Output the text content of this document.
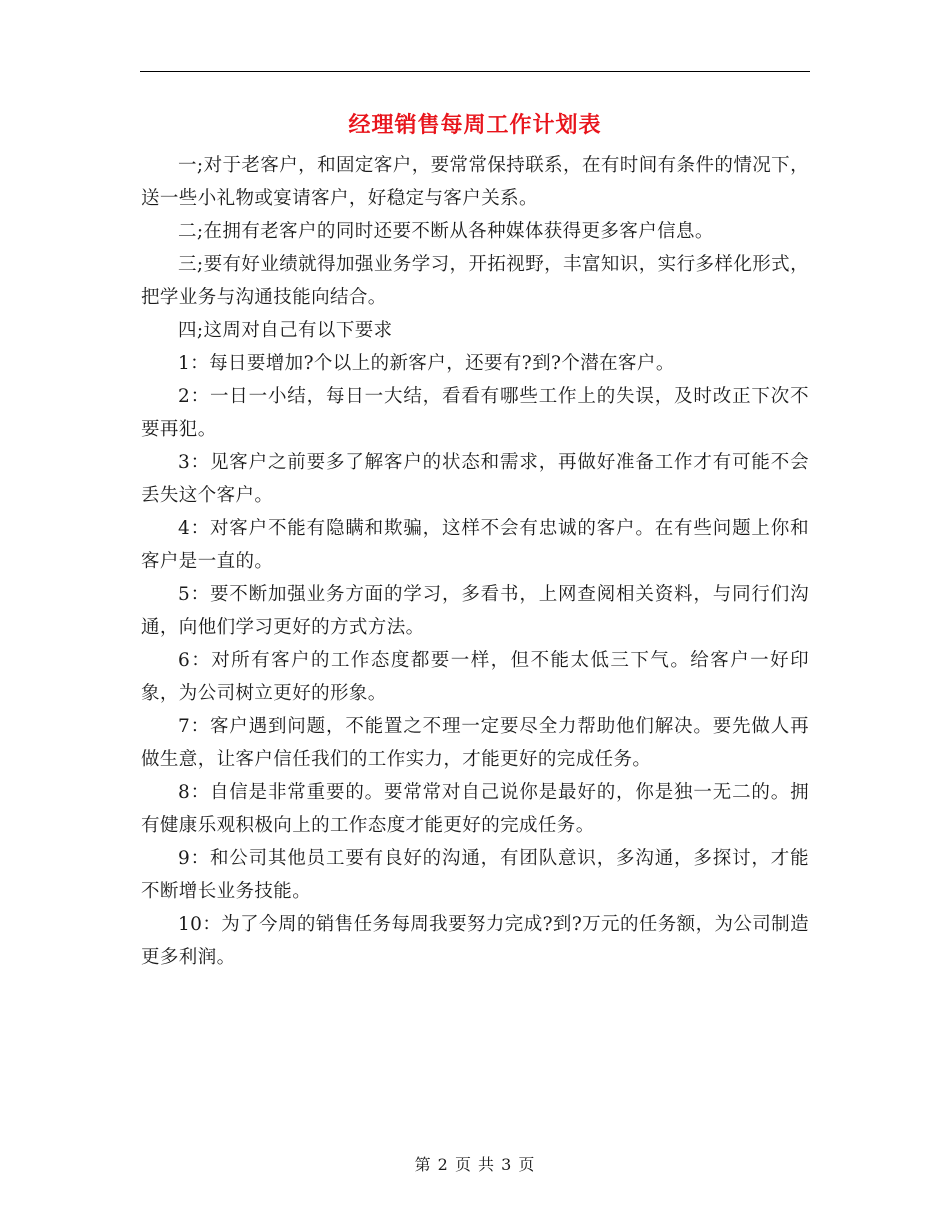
经理销售每周工作计划表

一;对于老客户，和固定客户，要常常保持联系，在有时间有条件的情况下，送一些小礼物或宴请客户，好稳定与客户关系。

二;在拥有老客户的同时还要不断从各种媒体获得更多客户信息。

三;要有好业绩就得加强业务学习，开拓视野，丰富知识，实行多样化形式，把学业务与沟通技能向结合。

四;这周对自己有以下要求

1：每日要增加?个以上的新客户，还要有?到?个潜在客户。

2：一日一小结，每日一大结，看看有哪些工作上的失误，及时改正下次不要再犯。

3：见客户之前要多了解客户的状态和需求，再做好准备工作才有可能不会丢失这个客户。

4：对客户不能有隐瞒和欺骗，这样不会有忠诚的客户。在有些问题上你和客户是一直的。

5：要不断加强业务方面的学习，多看书，上网查阅相关资料，与同行们沟通，向他们学习更好的方式方法。

6：对所有客户的工作态度都要一样，但不能太低三下气。给客户一好印象，为公司树立更好的形象。

7：客户遇到问题，不能置之不理一定要尽全力帮助他们解决。要先做人再做生意，让客户信任我们的工作实力，才能更好的完成任务。

8：自信是非常重要的。要常常对自己说你是最好的，你是独一无二的。拥有健康乐观积极向上的工作态度才能更好的完成任务。

9：和公司其他员工要有良好的沟通，有团队意识，多沟通，多探讨，才能不断增长业务技能。

10：为了今周的销售任务每周我要努力完成?到?万元的任务额，为公司制造更多利润。

第 2 页 共 3 页
